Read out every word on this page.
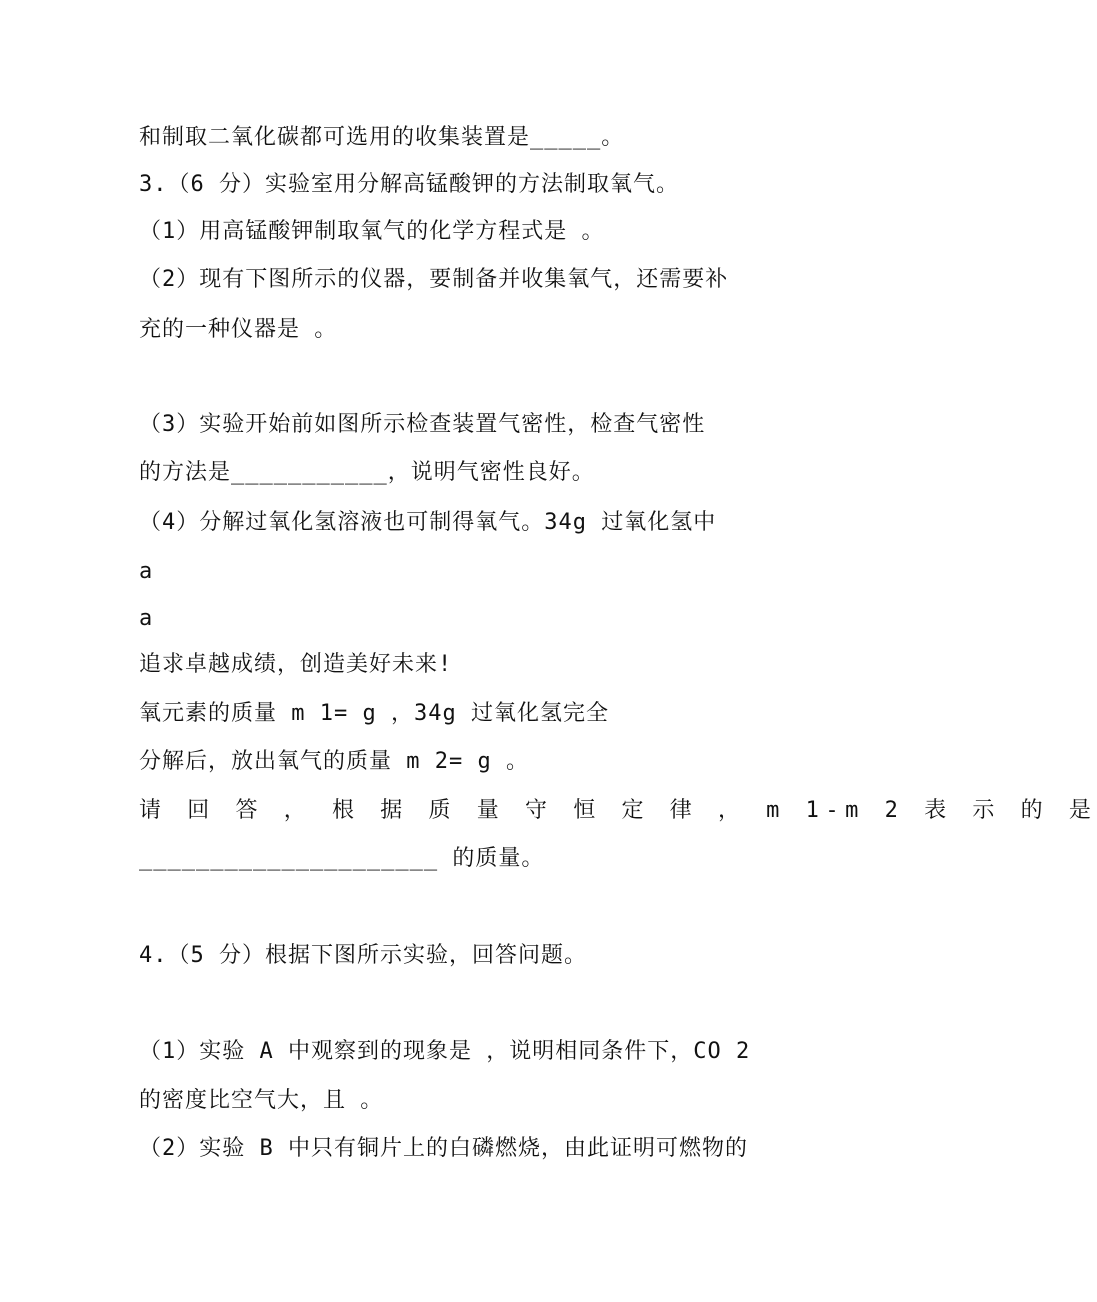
和制取二氧化碳都可选用的收集装置是_____。
3.（6 分）实验室用分解高锰酸钾的方法制取氧气。
（1）用高锰酸钾制取氧气的化学方程式是 。
（2）现有下图所示的仪器，要制备并收集氧气，还需要补
充的一种仪器是 。
（3）实验开始前如图所示检查装置气密性，检查气密性
的方法是___________，说明气密性良好。
（4）分解过氧化氢溶液也可制得氧气。34g 过氧化氢中
a
a
追求卓越成绩，创造美好未来!
氧元素的质量 m 1= g ，34g 过氧化氢完全
分解后，放出氧气的质量 m 2= g 。
请 回 答 ， 根 据 质 量 守 恒 定 律 ， m 1-m 2 表 示 的 是
_____________________ 的质量。
4.（5 分）根据下图所示实验，回答问题。
（1）实验 A 中观察到的现象是 ，说明相同条件下，CO 2
的密度比空气大，且 。
（2）实验 B 中只有铜片上的白磷燃烧，由此证明可燃物的
